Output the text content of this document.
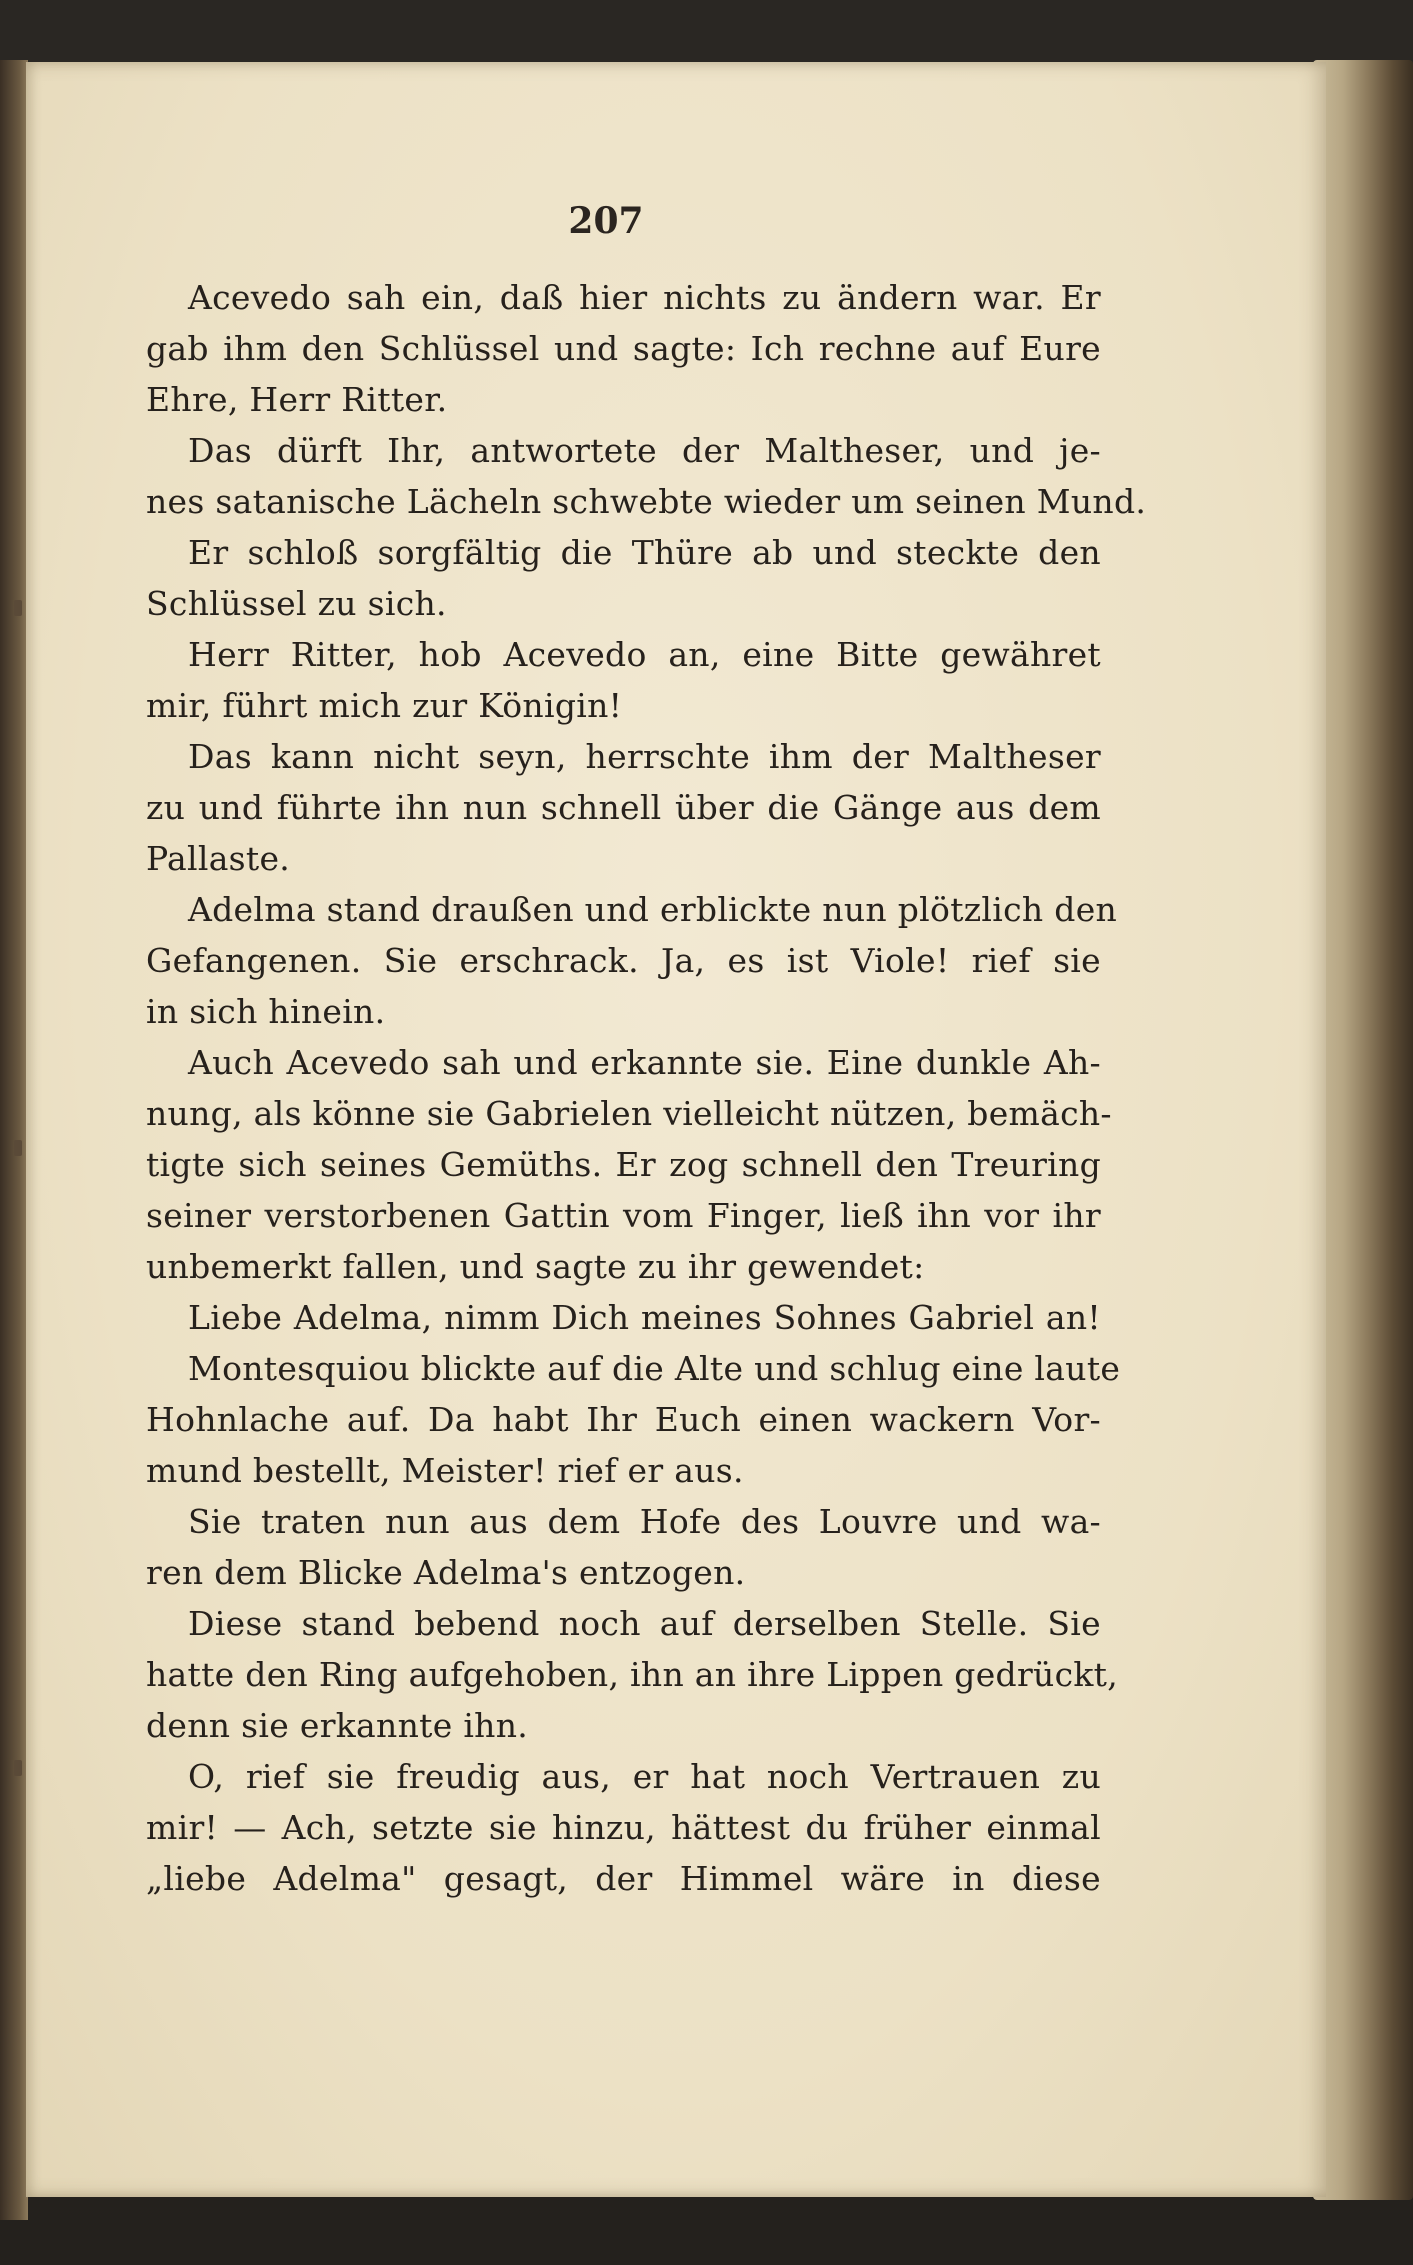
207
Acevedo sah ein, daß hier nichts zu ändern war. Er
gab ihm den Schlüssel und sagte: Ich rechne auf Eure
Ehre, Herr Ritter.
Das dürft Ihr, antwortete der Maltheser, und je-
nes satanische Lächeln schwebte wieder um seinen Mund.
Er schloß sorgfältig die Thüre ab und steckte den
Schlüssel zu sich.
Herr Ritter, hob Acevedo an, eine Bitte gewähret
mir, führt mich zur Königin!
Das kann nicht seyn, herrschte ihm der Maltheser
zu und führte ihn nun schnell über die Gänge aus dem
Pallaste.
Adelma stand draußen und erblickte nun plötzlich den
Gefangenen. Sie erschrack. Ja, es ist Viole! rief sie
in sich hinein.
Auch Acevedo sah und erkannte sie. Eine dunkle Ah-
nung, als könne sie Gabrielen vielleicht nützen, bemäch-
tigte sich seines Gemüths. Er zog schnell den Treuring
seiner verstorbenen Gattin vom Finger, ließ ihn vor ihr
unbemerkt fallen, und sagte zu ihr gewendet:
Liebe Adelma, nimm Dich meines Sohnes Gabriel an!
Montesquiou blickte auf die Alte und schlug eine laute
Hohnlache auf. Da habt Ihr Euch einen wackern Vor-
mund bestellt, Meister! rief er aus.
Sie traten nun aus dem Hofe des Louvre und wa-
ren dem Blicke Adelma's entzogen.
Diese stand bebend noch auf derselben Stelle. Sie
hatte den Ring aufgehoben, ihn an ihre Lippen gedrückt,
denn sie erkannte ihn.
O, rief sie freudig aus, er hat noch Vertrauen zu
mir! — Ach, setzte sie hinzu, hättest du früher einmal
„liebe Adelma" gesagt, der Himmel wäre in diese
